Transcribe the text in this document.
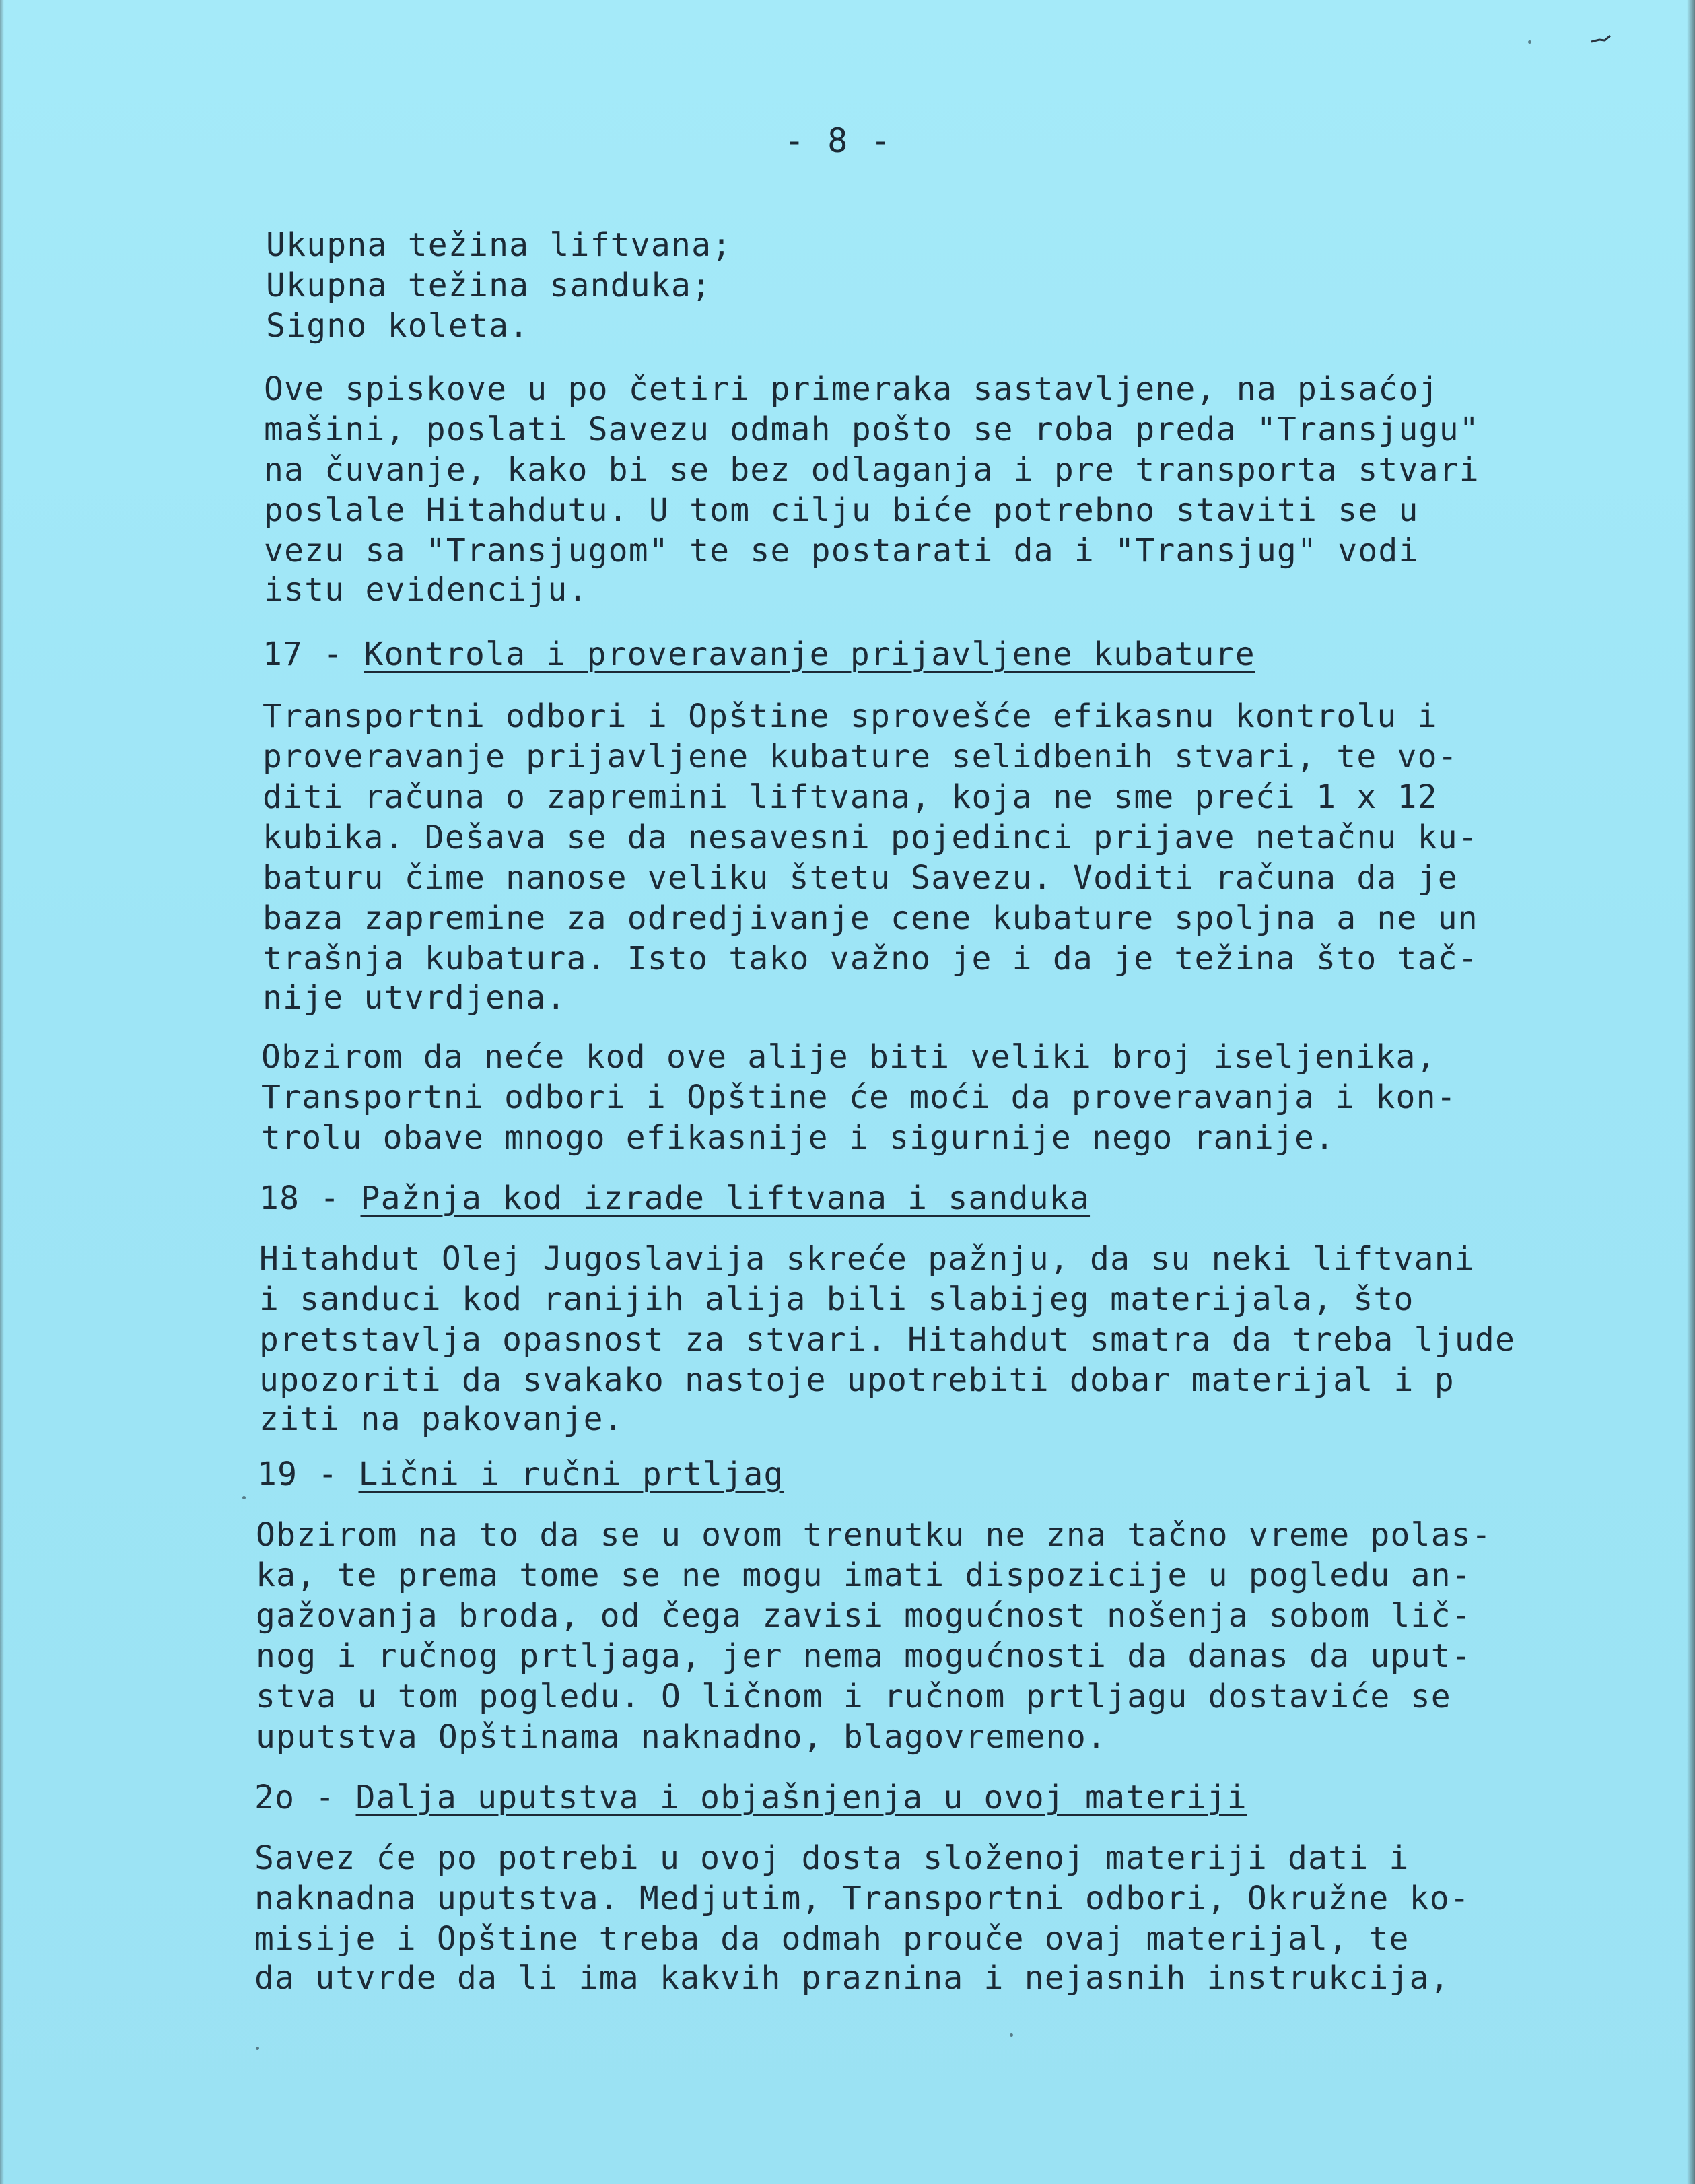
- 8 -
Ukupna težina liftvana;
Ukupna težina sanduka;
Signo koleta.
Ove spiskove u po četiri primeraka sastavljene, na pisaćoj
mašini, poslati Savezu odmah pošto se roba preda "Transjugu"
na čuvanje, kako bi se bez odlaganja i pre transporta stvari
poslale Hitahdutu. U tom cilju biće potrebno staviti se u
vezu sa "Transjugom" te se postarati da i "Transjug" vodi
istu evidenciju.
17 - Kontrola i proveravanje prijavljene kubature
Transportni odbori i Opštine sprovešće efikasnu kontrolu i
proveravanje prijavljene kubature selidbenih stvari, te vo-
diti računa o zapremini liftvana, koja ne sme preći 1 x 12
kubika. Dešava se da nesavesni pojedinci prijave netačnu ku-
baturu čime nanose veliku štetu Savezu. Voditi računa da je
baza zapremine za odredjivanje cene kubature spoljna a ne un
trašnja kubatura. Isto tako važno je i da je težina što tač-
nije utvrdjena.
Obzirom da neće kod ove alije biti veliki broj iseljenika,
Transportni odbori i Opštine će moći da proveravanja i kon-
trolu obave mnogo efikasnije i sigurnije nego ranije.
18 - Pažnja kod izrade liftvana i sanduka
Hitahdut Olej Jugoslavija skreće pažnju, da su neki liftvani
i sanduci kod ranijih alija bili slabijeg materijala, što
pretstavlja opasnost za stvari. Hitahdut smatra da treba ljude
upozoriti da svakako nastoje upotrebiti dobar materijal i p
ziti na pakovanje.
19 - Lični i ručni prtljag
Obzirom na to da se u ovom trenutku ne zna tačno vreme polas-
ka, te prema tome se ne mogu imati dispozicije u pogledu an-
gažovanja broda, od čega zavisi mogućnost nošenja sobom lič-
nog i ručnog prtljaga, jer nema mogućnosti da danas da uput-
stva u tom pogledu. O ličnom i ručnom prtljagu dostaviće se
uputstva Opštinama naknadno, blagovremeno.
2o - Dalja uputstva i objašnjenja u ovoj materiji
Savez će po potrebi u ovoj dosta složenoj materiji dati i
naknadna uputstva. Medjutim, Transportni odbori, Okružne ko-
misije i Opštine treba da odmah prouče ovaj materijal, te
da utvrde da li ima kakvih praznina i nejasnih instrukcija,
